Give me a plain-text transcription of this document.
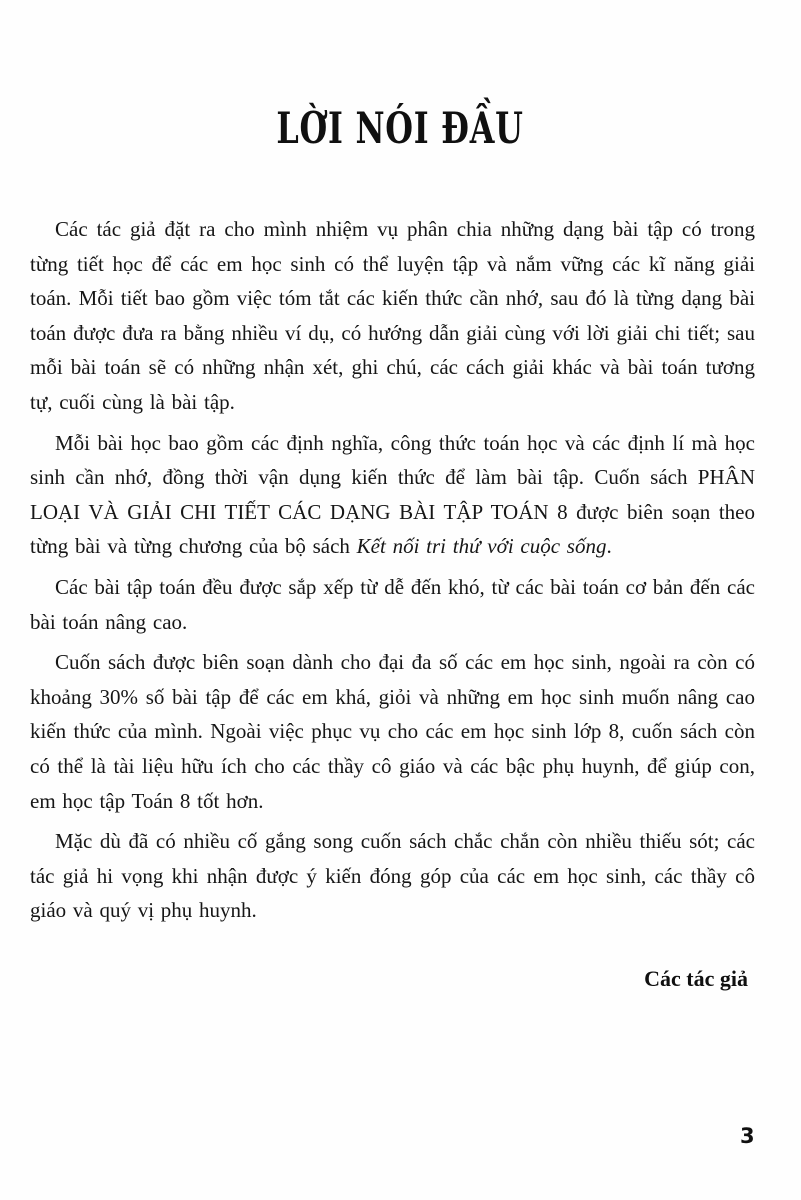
LỜI NÓI ĐẦU

Các tác giả đặt ra cho mình nhiệm vụ phân chia những dạng bài tập có trong từng tiết học để các em học sinh có thể luyện tập và nắm vững các kĩ năng giải toán. Mỗi tiết bao gồm việc tóm tắt các kiến thức cần nhớ, sau đó là từng dạng bài toán được đưa ra bằng nhiều ví dụ, có hướng dẫn giải cùng với lời giải chi tiết; sau mỗi bài toán sẽ có những nhận xét, ghi chú, các cách giải khác và bài toán tương tự, cuối cùng là bài tập.

Mỗi bài học bao gồm các định nghĩa, công thức toán học và các định lí mà học sinh cần nhớ, đồng thời vận dụng kiến thức để làm bài tập. Cuốn sách PHÂN LOẠI VÀ GIẢI CHI TIẾT CÁC DẠNG BÀI TẬP TOÁN 8 được biên soạn theo từng bài và từng chương của bộ sách Kết nối tri thứ với cuộc sống.

Các bài tập toán đều được sắp xếp từ dễ đến khó, từ các bài toán cơ bản đến các bài toán nâng cao.

Cuốn sách được biên soạn dành cho đại đa số các em học sinh, ngoài ra còn có khoảng 30% số bài tập để các em khá, giỏi và những em học sinh muốn nâng cao kiến thức của mình. Ngoài việc phục vụ cho các em học sinh lớp 8, cuốn sách còn có thể là tài liệu hữu ích cho các thầy cô giáo và các bậc phụ huynh, để giúp con, em học tập Toán 8 tốt hơn.

Mặc dù đã có nhiều cố gắng song cuốn sách chắc chắn còn nhiều thiếu sót; các tác giả hi vọng khi nhận được ý kiến đóng góp của các em học sinh, các thầy cô giáo và quý vị phụ huynh.

Các tác giả
3
